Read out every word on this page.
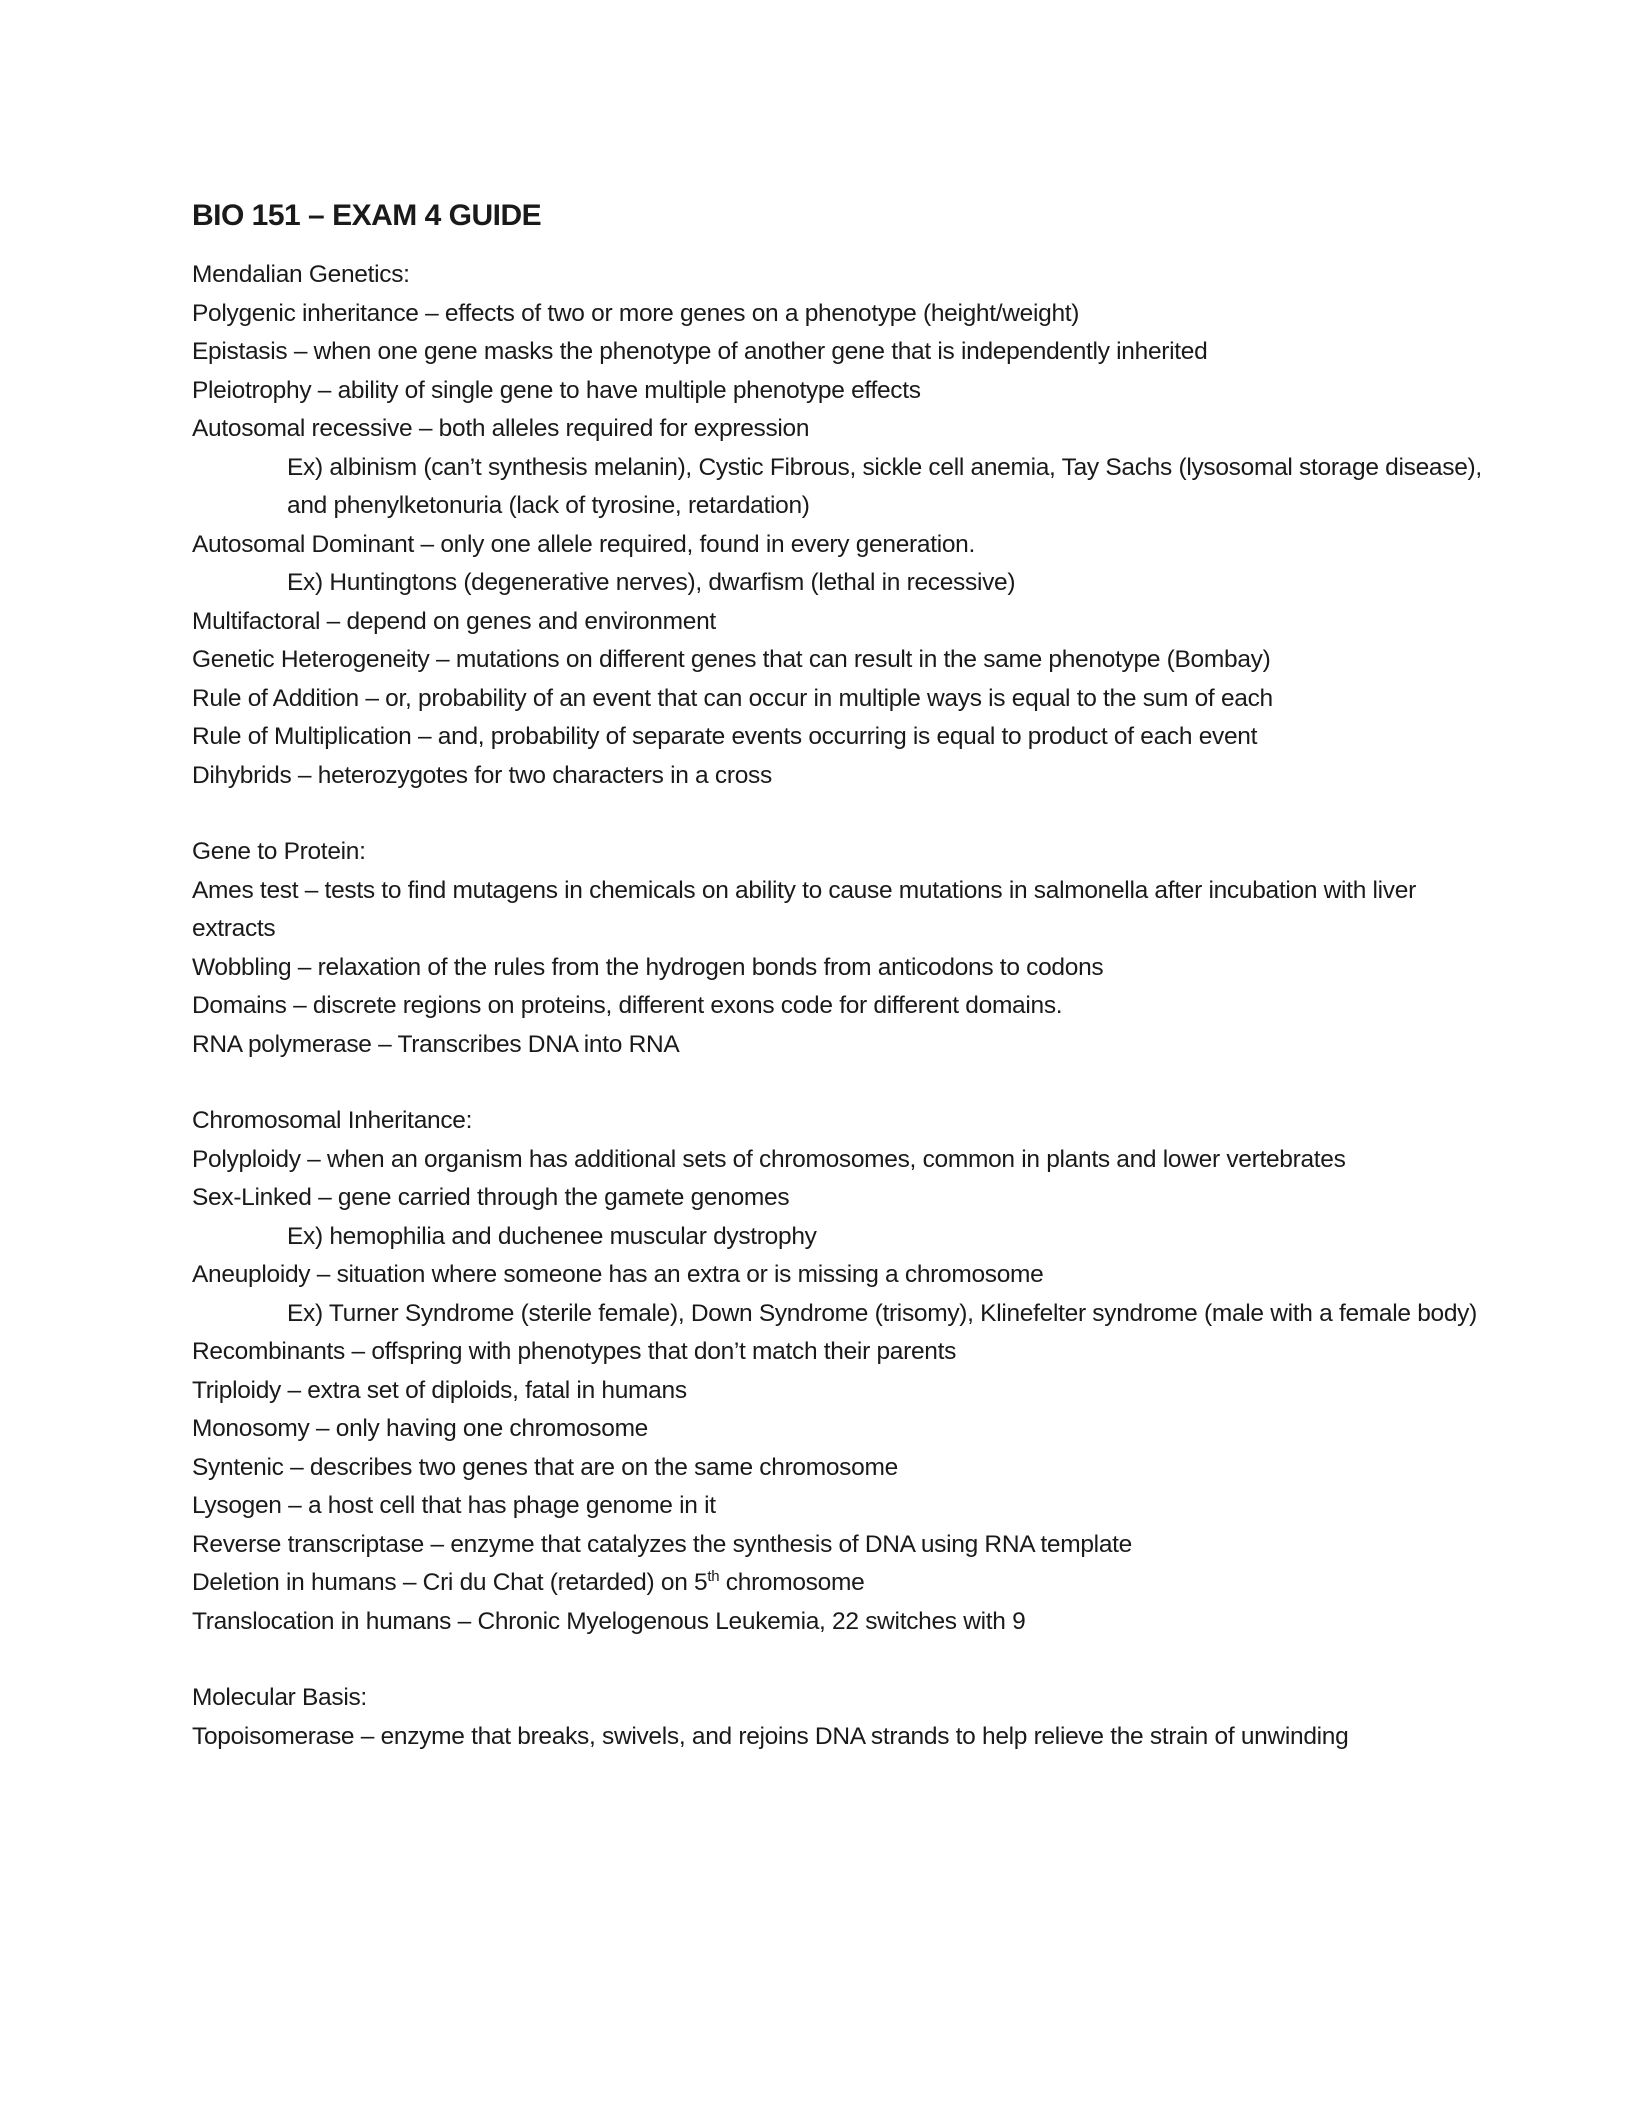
BIO 151 – EXAM 4 GUIDE
Mendalian Genetics:
Polygenic inheritance – effects of two or more genes on a phenotype (height/weight)
Epistasis – when one gene masks the phenotype of another gene that is independently inherited
Pleiotrophy – ability of single gene to have multiple phenotype effects
Autosomal recessive – both alleles required for expression
Ex) albinism (can’t synthesis melanin), Cystic Fibrous, sickle cell anemia, Tay Sachs (lysosomal storage disease), and phenylketonuria (lack of tyrosine, retardation)
Autosomal Dominant – only one allele required, found in every generation.
Ex) Huntingtons (degenerative nerves), dwarfism (lethal in recessive)
Multifactoral – depend on genes and environment
Genetic Heterogeneity – mutations on different genes that can result in the same phenotype (Bombay)
Rule of Addition – or, probability of an event that can occur in multiple ways is equal to the sum of each
Rule of Multiplication – and, probability of separate events occurring is equal to product of each event
Dihybrids – heterozygotes for two characters in a cross
Gene to Protein:
Ames test – tests to find mutagens in chemicals on ability to cause mutations in salmonella after incubation with liver extracts
Wobbling – relaxation of the rules from the hydrogen bonds from anticodons to codons
Domains – discrete regions on proteins, different exons code for different domains.
RNA polymerase – Transcribes DNA into RNA
Chromosomal Inheritance:
Polyploidy – when an organism has additional sets of chromosomes, common in plants and lower vertebrates
Sex-Linked – gene carried through the gamete genomes
Ex) hemophilia and duchenee muscular dystrophy
Aneuploidy – situation where someone has an extra or is missing a chromosome
Ex) Turner Syndrome (sterile female), Down Syndrome (trisomy), Klinefelter syndrome (male with a female body)
Recombinants – offspring with phenotypes that don’t match their parents
Triploidy – extra set of diploids, fatal in humans
Monosomy – only having one chromosome
Syntenic – describes two genes that are on the same chromosome
Lysogen – a host cell that has phage genome in it
Reverse transcriptase – enzyme that catalyzes the synthesis of DNA using RNA template
Deletion in humans – Cri du Chat (retarded) on 5th chromosome
Translocation in humans – Chronic Myelogenous Leukemia, 22 switches with 9
Molecular Basis:
Topoisomerase – enzyme that breaks, swivels, and rejoins DNA strands to help relieve the strain of unwinding
